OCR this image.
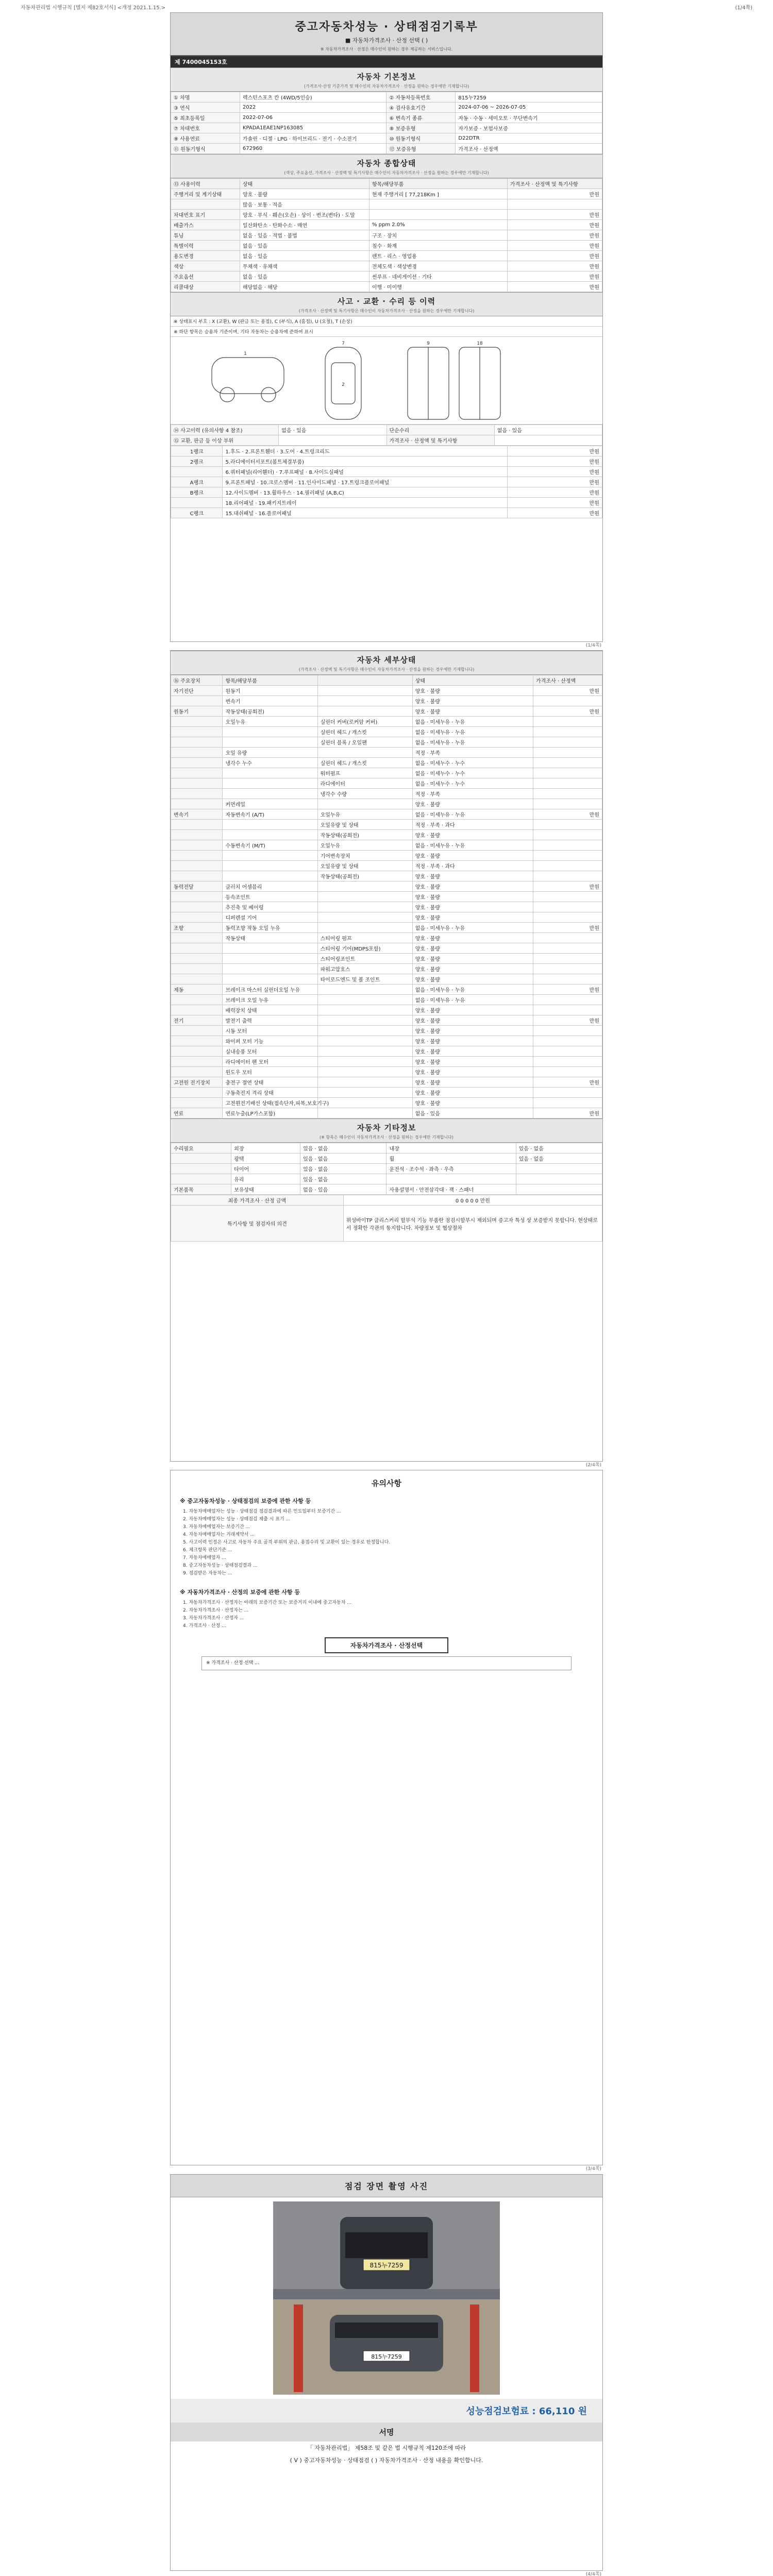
자동차관리법 시행규칙 [별지 제82호서식] <개정 2021.1.15.>	(1/4쪽)
중고자동차성능 · 상태점검기록부
■ 자동차가격조사 · 산정 선택 ( )
※ 자동차가격조사 · 산정은 매수인이 원하는 경우 제공하는 서비스입니다.
제 7400045153호
자동차 기본정보
(가격조사·산정 기준가격 및 매수인의 자동차가격조사 · 산정을 원하는 경우에만 기재합니다)
① 차명	렉스턴스포츠 칸 (4WD/5인승)	② 자동차등록번호	815누7259
③ 연식	2022	④ 검사유효기간	2024-07-06 ~ 2026-07-05
⑤ 최초등록일	2022-07-06	⑥ 변속기 종류	자동 · 수동 · 세미오토 · 무단변속기
⑦ 차대번호	KPADA1EAE1NP163085	⑧ 보증유형	자가보증 · 보험사보증
⑨ 사용연료	가솔린 · 디젤 · LPG · 하이브리드 · 전기 · 수소전기	⑩ 원동기형식	D22DTR
⑪ 원동기형식	672960	⑫ 보증유형	가격조사 · 산정액
자동차 종합상태
(색상, 주요옵션, 가격조사 · 산정액 및 특기사항은 매수인이 자동차가격조사 · 산정을 원하는 경우에만 기재합니다)
⑬ 사용이력	상태	항목/해당부품	가격조사 · 산정액 및 특기사항
주행거리 및 계기상태	양호 · 불량	현재 주행거리 [ 77,218Km ]	만원
	많음 · 보통 · 적음		
차대번호 표기	양호 · 부식 · 훼손(오손) · 상이 · 변조(변타) · 도말		만원
배출가스	일산화탄소 · 탄화수소 · 매연	% ppm 2.0%	만원
튜닝	없음 · 있음 · 적법 · 불법	구조 · 장치	만원
특별이력	없음 · 있음	침수 · 화재	만원
용도변경	없음 · 있음	렌트 · 리스 · 영업용	만원
색상	무채색 · 유채색	전체도색 · 색상변경	만원
주요옵션	없음 · 있음	썬루프 · 네비게이션 · 기타	만원
리콜대상	해당없음 · 해당	이행 · 미이행	만원
사고 · 교환 · 수리 등 이력
(가격조사 · 산정액 및 특기사항은 매수인이 자동차가격조사 · 산정을 원하는 경우에만 기재합니다)
※ 상태표시 부호 : X (교환), W (판금 또는 용접), C (부식), A (흠집), U (요철), T (손상)
※ 하단 항목은 승용차 기준이며, 기타 자동차는 승용차에 준하여 표시
1
7
2
9	18
⑭ 사고이력 (유의사항 4 참조)	없음 · 있음	단순수리	없음 · 있음
⑮ 교환, 판금 등 이상 부위		가격조사 · 산정액 및 특기사항	
1랭크	1.후드 · 2.프론트휀더 · 3.도어 · 4.트렁크리드	만원
2랭크	5.라디에이터서포트(볼트체결부품)	만원
	6.쿼터패널(리어휀더) · 7.루프패널 · 8.사이드실패널	만원
A랭크	9.프론트패널 · 10.크로스멤버 · 11.인사이드패널 · 17.트렁크플로어패널	만원
B랭크	12.사이드멤버 · 13.휠하우스 · 14.필러패널 (A,B,C)	만원
	18.리어패널 · 19.패키지트레이	만원
C랭크	15.대쉬패널 · 16.플로어패널	만원
(1/4쪽)
자동차 세부상태
(가격조사 · 산정액 및 특기사항은 매수인이 자동차가격조사 · 산정을 원하는 경우에만 기재합니다)
⑯ 주요장치	항목/해당부품		상태	가격조사 · 산정액
자기진단	원동기		양호 · 불량	만원
	변속기		양호 · 불량	
원동기	작동상태(공회전)		양호 · 불량	만원
	오일누유	실린더 커버(로커암 커버)	없음 · 미세누유 · 누유	
		실린더 헤드 / 개스킷	없음 · 미세누유 · 누유	
		실린더 블록 / 오일팬	없음 · 미세누유 · 누유	
	오일 유량		적정 · 부족	
	냉각수 누수	실린더 헤드 / 개스킷	없음 · 미세누수 · 누수	
		워터펌프	없음 · 미세누수 · 누수	
		라디에이터	없음 · 미세누수 · 누수	
		냉각수 수량	적정 · 부족	
	커먼레일		양호 · 불량	
변속기	자동변속기 (A/T)	오일누유	없음 · 미세누유 · 누유	만원
		오일유량 및 상태	적정 · 부족 · 과다	
		작동상태(공회전)	양호 · 불량	
	수동변속기 (M/T)	오일누유	없음 · 미세누유 · 누유	
		기어변속장치	양호 · 불량	
		오일유량 및 상태	적정 · 부족 · 과다	
		작동상태(공회전)	양호 · 불량	
동력전달	클러치 어셈블리		양호 · 불량	만원
	등속조인트		양호 · 불량	
	추진축 및 베어링		양호 · 불량	
	디퍼렌셜 기어		양호 · 불량	
조향	동력조향 작동 오일 누유		없음 · 미세누유 · 누유	만원
	작동상태	스티어링 펌프	양호 · 불량	
		스티어링 기어(MDPS포함)	양호 · 불량	
		스티어링조인트	양호 · 불량	
		파워고압호스	양호 · 불량	
		타이로드엔드 및 볼 조인트	양호 · 불량	
제동	브레이크 마스터 실린더오일 누유		없음 · 미세누유 · 누유	만원
	브레이크 오일 누유		없음 · 미세누유 · 누유	
	배력장치 상태		양호 · 불량	
전기	발전기 출력		양호 · 불량	만원
	시동 모터		양호 · 불량	
	와이퍼 모터 기능		양호 · 불량	
	실내송풍 모터		양호 · 불량	
	라디에이터 팬 모터		양호 · 불량	
	윈도우 모터		양호 · 불량	
고전원 전기장치	충전구 절연 상태		양호 · 불량	만원
	구동축전지 격리 상태		양호 · 불량	
	고전원전기배선 상태(접속단자,피복,보호기구)		양호 · 불량	
연료	연료누출(LP가스포함)		없음 · 있음	만원
자동차 기타정보
(※ 항목은 매수인이 자동차가격조사 · 산정을 원하는 경우에만 기재합니다)
수리필요	외장	있음 · 없음	내장	있음 · 없음
	광택	있음 · 없음	휠	있음 · 없음
	타이어	있음 · 없음	운전석 · 조수석 · 좌측 · 우측	
	유리	있음 · 없음		
기본품목	보유상태	없음 · 있음	사용설명서 · 안전삼각대 · 잭 · 스패너	
최종 가격조사 · 산정 금액	0 0 0 0 0 만원
특기사항 및 점검자의 의견	위성바이TP 클리스커리 할부석 기능 부품란 점검시할부시 제외되며 증고자 특성 상 보증받지 못합니다. 현상태로서 정확한 각관의 통지합니다. 차량정보 및 협상절차
(2/4쪽)
유의사항
※ 중고자동차성능 · 상태점검의 보증에 관한 사항 등
1. 자동차매매업자는 성능 · 상태점검 점검결과에 따른 인도일부터 보증기간 ...
2. 자동차매매업자는 성능 · 상태점검 제출 시 표기 ...
3. 자동차매매업자는 보증기간 ...
4. 자동차매매업자는 거래계약서 ...
5. 사고이력 인정은 사고로 자동차 주요 골격 부위의 판금, 용접수리 및 교환이 있는 경우로 한정합니다.
6. 체크항목 판단기준 ...
7. 자동차매매업자 ...
8. 중고자동차성능 · 상태점검결과 ...
9. 점검받은 자동차는 ...
※ 자동차가격조사 · 산정의 보증에 관한 사항 등
1. 자동차가격조사 · 산정자는 아래의 보증기간 또는 보증거리 이내에 중고자동차 ...
2. 자동차가격조사 · 산정자는 ...
3. 자동차가격조사 · 산정자 ...
4. 가격조사 · 산정 ...
자동차가격조사 · 산정선택
※ 가격조사 · 산정 선택 ...
(3/4쪽)
점검 장면 촬영 사진
815누7259
815누7259
성능점검보험료 : 66,110 원
서명
「 자동차관리법」 제58조 및 같은 법 시행규칙 제120조에 따라
( V ) 중고자동차성능 · 상태점검 ( ) 자동차가격조사 · 산정 내용을 확인합니다.
(4/4쪽)
